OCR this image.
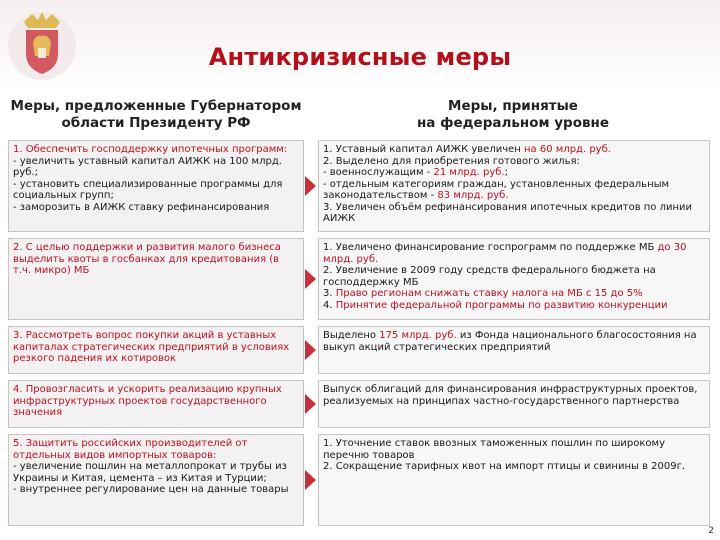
Антикризисные меры
Меры, предложенные Губернатором
области Президенту РФ
Меры, принятые
на федеральном уровне
1. Обеспечить господдержку ипотечных программ:
- увеличить уставный капитал АИЖК на 100 млрд. руб.;
- установить специализированные программы для социальных групп;
- заморозить в АИЖК ставку рефинансирования
1. Уставный капитал АИЖК увеличен на 60 млрд. руб.
2. Выделено для приобретения готового жилья:
- военнослужащим - 21 млрд. руб.;
- отдельным категориям граждан, установленных федеральным законодательством - 83 млрд. руб.
3. Увеличен объём рефинансирования ипотечных кредитов по линии АИЖК
2. С целью поддержки и развития малого бизнеса выделить квоты в госбанках для кредитования (в т.ч. микро) МБ
1. Увеличено финансирование госпрограмм по поддержке МБ до 30 млрд. руб.
2. Увеличение в 2009 году средств федерального бюджета на господдержку МБ
3. Право регионам снижать ставку налога на МБ с 15 до 5%
4. Принятие федеральной программы по развитию конкуренции
3. Рассмотреть вопрос покупки акций в уставных капиталах стратегических предприятий в условиях резкого падения их котировок
Выделено 175 млрд. руб. из Фонда национального благосостояния на выкуп акций стратегических предприятий
4. Провозгласить и ускорить реализацию крупных инфраструктурных проектов государственного значения
Выпуск облигаций для финансирования инфраструктурных проектов, реализуемых на принципах частно-государственного партнерства
5. Защитить российских производителей от отдельных видов импортных товаров:
- увеличение пошлин на металлопрокат и трубы из Украины и Китая, цемента – из Китая и Турции;
- внутреннее регулирование цен на данные товары
1. Уточнение ставок ввозных таможенных пошлин по широкому перечню товаров
2. Сокращение тарифных квот на импорт птицы и свинины в 2009г.
2
